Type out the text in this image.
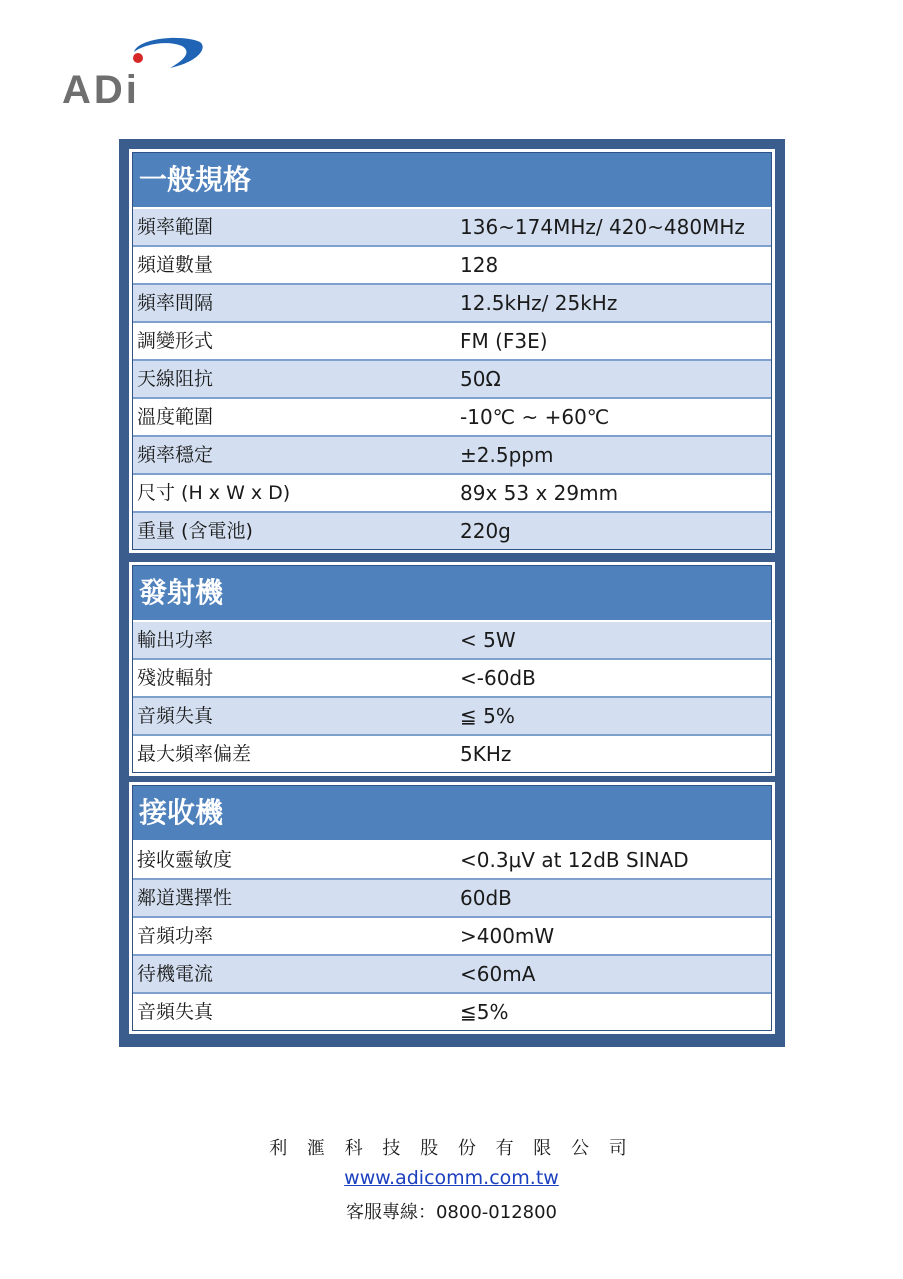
ADi
一般規格
頻率範圍	136~174MHz/ 420~480MHz
頻道數量	128
頻率間隔	12.5kHz/ 25kHz
調變形式	FM (F3E)
天線阻抗	50Ω
溫度範圍	-10℃ ~ +60℃
頻率穩定	±2.5ppm
尺寸 (H x W x D)	89x 53 x 29mm
重量 (含電池)	220g
發射機
輸出功率	< 5W
殘波輻射	<-60dB
音頻失真	≦ 5%
最大頻率偏差	5KHz
接收機
接收靈敏度	<0.3μV at 12dB SINAD
鄰道選擇性	60dB
音頻功率	>400mW
待機電流	<60mA
音頻失真	≦5%
利 滙 科 技 股 份 有 限 公 司
www.adicomm.com.tw
客服專線：0800-012800
